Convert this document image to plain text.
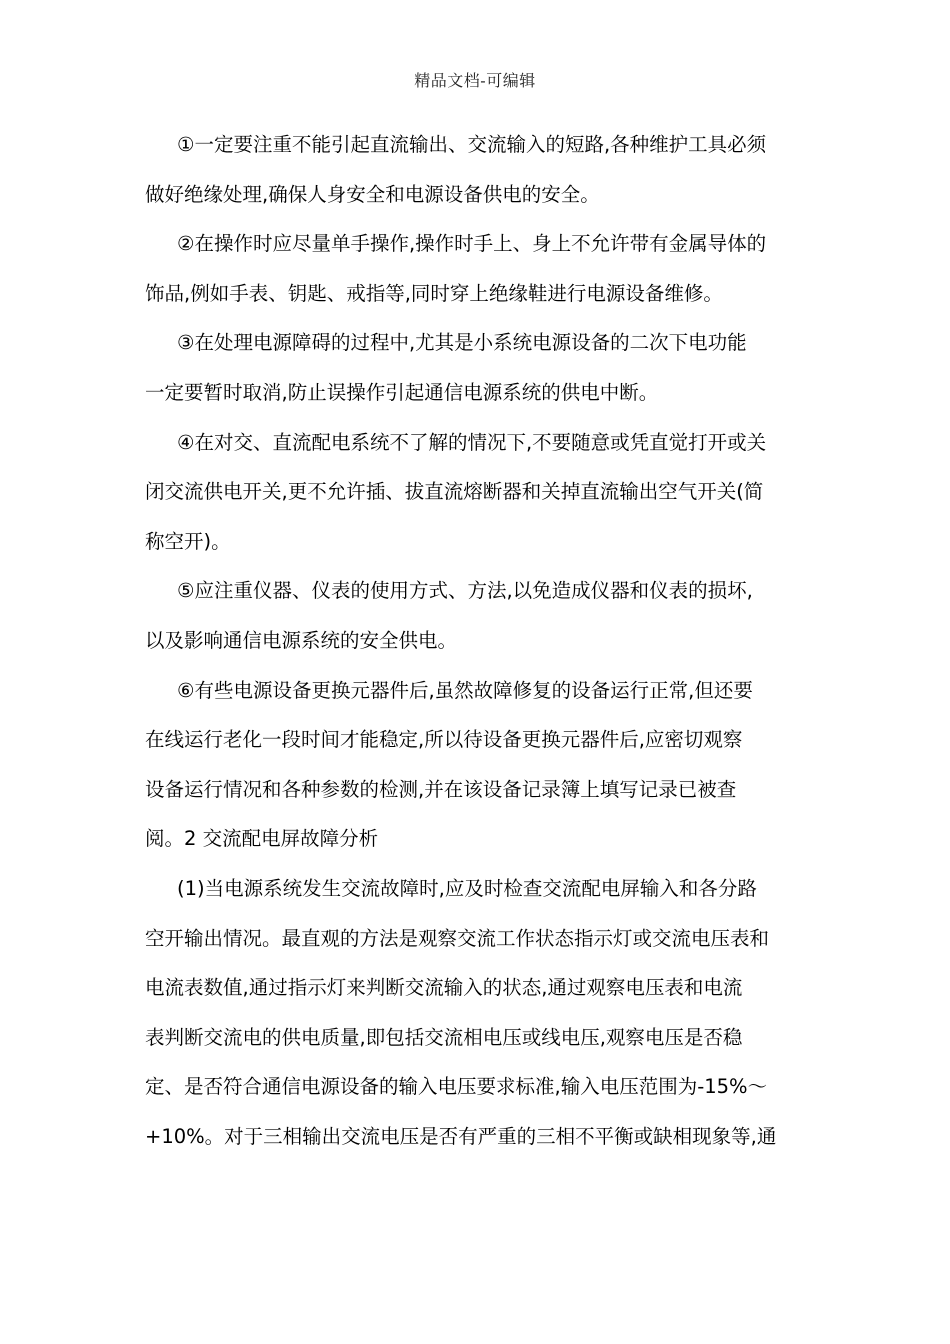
精品文档-可编辑
①一定要注重不能引起直流输出、交流输入的短路,各种维护工具必须
做好绝缘处理,确保人身安全和电源设备供电的安全。
②在操作时应尽量单手操作,操作时手上、身上不允许带有金属导体的
饰品,例如手表、钥匙、戒指等,同时穿上绝缘鞋进行电源设备维修。
③在处理电源障碍的过程中,尤其是小系统电源设备的二次下电功能
一定要暂时取消,防止误操作引起通信电源系统的供电中断。
④在对交、直流配电系统不了解的情况下,不要随意或凭直觉打开或关
闭交流供电开关,更不允许插、拔直流熔断器和关掉直流输出空气开关(简
称空开)。
⑤应注重仪器、仪表的使用方式、方法,以免造成仪器和仪表的损坏,
以及影响通信电源系统的安全供电。
⑥有些电源设备更换元器件后,虽然故障修复的设备运行正常,但还要
在线运行老化一段时间才能稳定,所以待设备更换元器件后,应密切观察
设备运行情况和各种参数的检测,并在该设备记录簿上填写记录已被查
阅。2 交流配电屏故障分析
(1)当电源系统发生交流故障时,应及时检查交流配电屏输入和各分路
空开输出情况。最直观的方法是观察交流工作状态指示灯或交流电压表和
电流表数值,通过指示灯来判断交流输入的状态,通过观察电压表和电流
表判断交流电的供电质量,即包括交流相电压或线电压,观察电压是否稳
定、是否符合通信电源设备的输入电压要求标准,输入电压范围为-15%～
+10%。对于三相输出交流电压是否有严重的三相不平衡或缺相现象等,通
